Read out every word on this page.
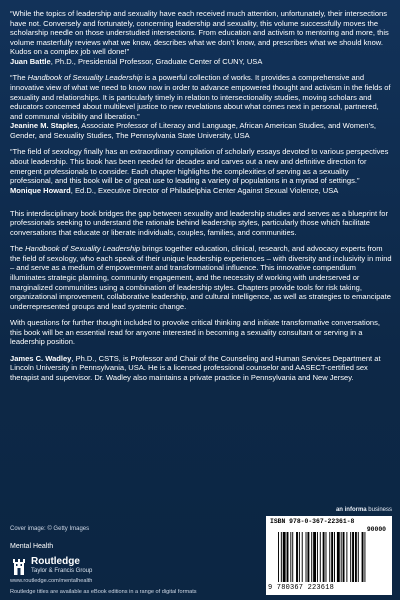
“While the topics of leadership and sexuality have each received much attention, unfortunately, their intersections have not. Conversely and fortunately, concerning leadership and sexuality, this volume successfully moves the scholarship needle on those understudied intersections. From education and activism to mentoring and more, this volume masterfully reviews what we know, describes what we don’t know, and prescribes what we should know. Kudos on a complex job well done!”
Juan Battle, Ph.D., Presidential Professor, Graduate Center of CUNY, USA

“The Handbook of Sexuality Leadership is a powerful collection of works. It provides a comprehensive and innovative view of what we need to know now in order to advance empowered thought and activism in the fields of sexuality and relationships. It is particularly timely in relation to intersectionality studies, moving scholars and educators concerned about multilevel justice to new revelations about what comes next in personal, partnered, and communal visibility and liberation.”
Jeanine M. Staples, Associate Professor of Literacy and Language, African American Studies, and Women’s, Gender, and Sexuality Studies, The Pennsylvania State University, USA

“The field of sexology finally has an extraordinary compilation of scholarly essays devoted to various perspectives about leadership. This book has been needed for decades and carves out a new and definitive direction for emergent professionals to consider. Each chapter highlights the complexities of serving as a sexuality professional, and this book will be of great use to leading a variety of populations in a myriad of settings.”
Monique Howard, Ed.D., Executive Director of Philadelphia Center Against Sexual Violence, USA

This interdisciplinary book bridges the gap between sexuality and leadership studies and serves as a blueprint for professionals seeking to understand the rationale behind leadership styles, particularly those which facilitate conversations that educate or liberate individuals, couples, families, and communities.

The Handbook of Sexuality Leadership brings together education, clinical, research, and advocacy experts from the field of sexology, who each speak of their unique leadership experiences – with diversity and inclusivity in mind – and serve as a medium of empowerment and transformational influence. This innovative compendium illuminates strategic planning, community engagement, and the necessity of working with underserved or marginalized communities using a combination of leadership styles. Chapters provide tools for risk taking, organizational improvement, collaborative leadership, and cultural intelligence, as well as strategies to emancipate underrepresented groups and lead systemic change.

With questions for further thought included to provoke critical thinking and initiate transformative conversations, this book will be an essential read for anyone interested in becoming a sexuality consultant or serving in a leadership position.

James C. Wadley, Ph.D., CSTS, is Professor and Chair of the Counseling and Human Services Department at Lincoln University in Pennsylvania, USA. He is a licensed professional counselor and AASECT-certified sex therapist and supervisor. Dr. Wadley also maintains a private practice in Pennsylvania and New Jersey.

Cover image: © Getty Images
Mental Health
Routledge
Taylor & Francis Group
www.routledge.com/mentalhealth
Routledge titles are available as eBook editions in a range of digital formats
an informa business
ISBN 978-0-367-22361-8
90000
9 780367 223618
